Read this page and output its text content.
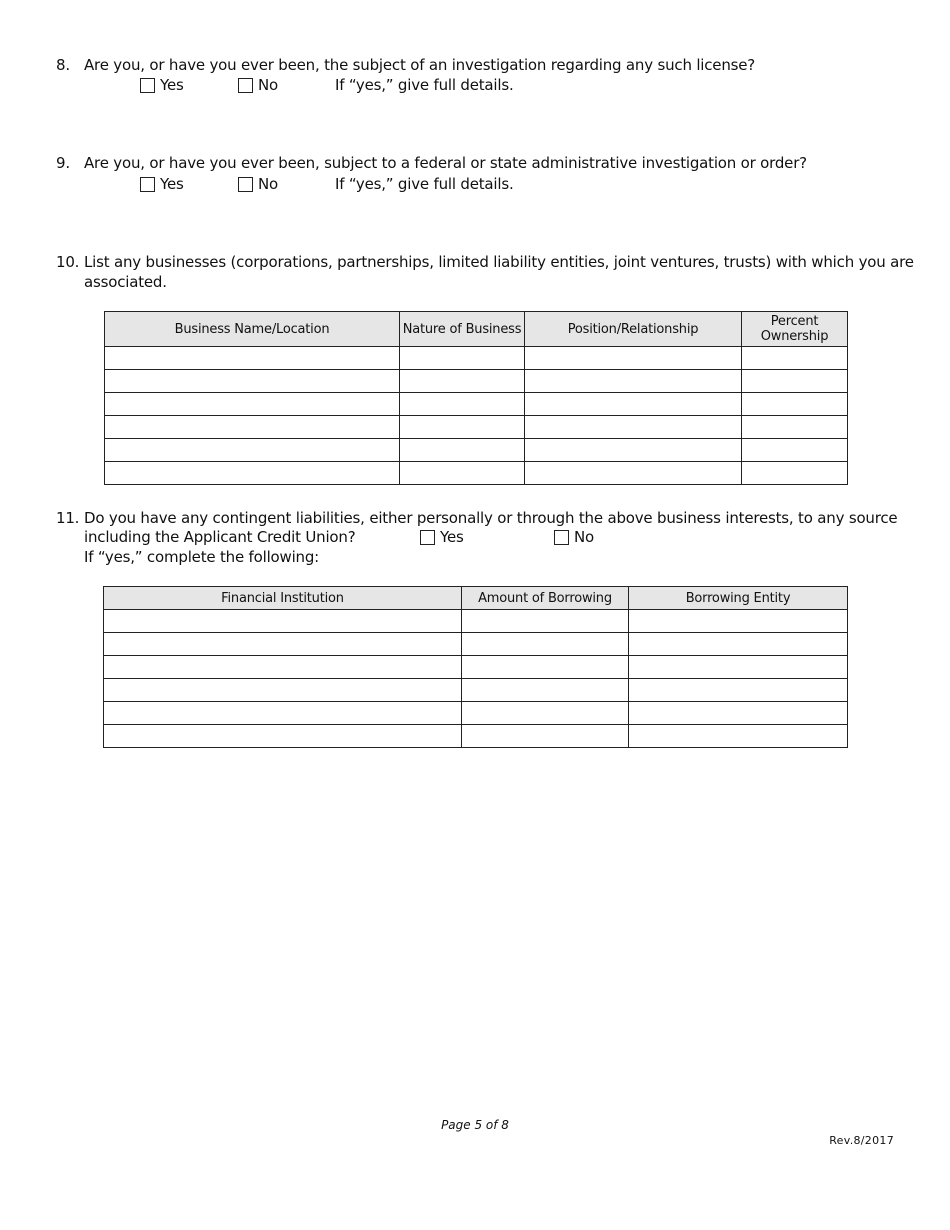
8. Are you, or have you ever been, the subject of an investigation regarding any such license?
Yes	No	If “yes,” give full details.
9. Are you, or have you ever been, subject to a federal or state administrative investigation or order?
Yes	No	If “yes,” give full details.
10. List any businesses (corporations, partnerships, limited liability entities, joint ventures, trusts) with which you are
associated.
Business Name/Location	Nature of Business	Position/Relationship	Percent Ownership

11. Do you have any contingent liabilities, either personally or through the above business interests, to any source
including the Applicant Credit Union?	Yes	No
If “yes,” complete the following:
Financial Institution	Amount of Borrowing	Borrowing Entity

Page 5 of 8
Rev.8/2017
